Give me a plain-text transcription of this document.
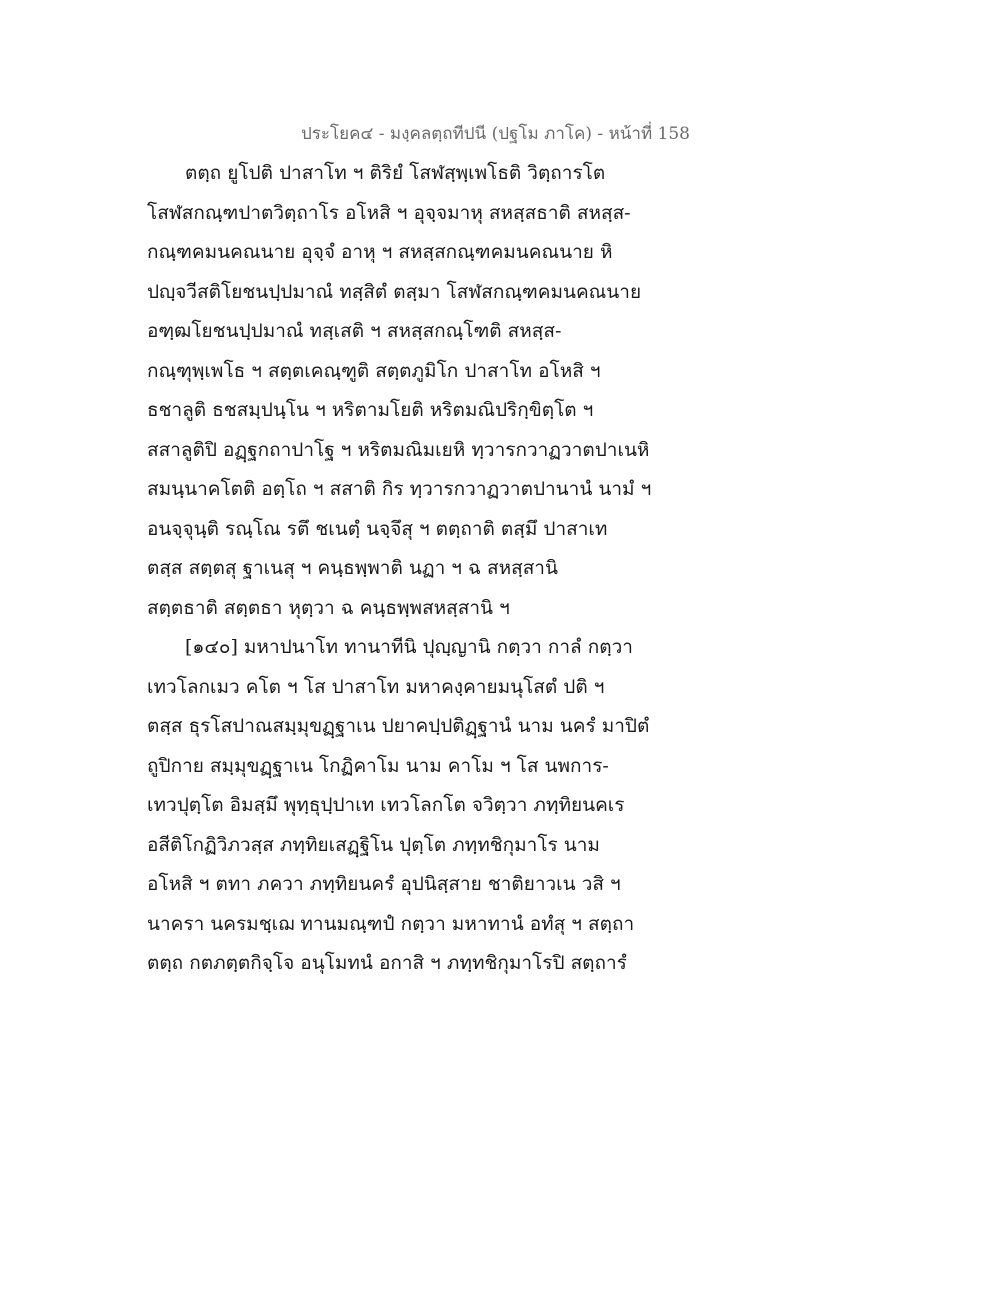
ประโยค๔ - มงฺคลตฺถทีปนี (ปฐโม ภาโค) - หน้าที่ 158
ตตฺถ ยูโปติ ปาสาโท ฯ ติริยํ โสฬสฺพฺเพโธติ วิตฺถารโต
โสฬสกณฺฑปาตวิตฺถาโร อโหสิ ฯ อุจฺจมาหุ สหสฺสธาติ สหสฺส-
กณฺฑคมนคณนาย อุจฺจํ อาหุ ฯ สหสฺสกณฺฑคมนคณนาย หิ
ปญฺจวีสติโยชนปฺปมาณํ ทสฺสิตํ ตสฺมา โสฬสกณฺฑคมนคณนาย
อฑฺฒโยชนปฺปมาณํ ทสฺเสติ ฯ สหสฺสกณฺโฑติ สหสฺส-
กณฺฑุพฺเพโธ ฯ สตฺตเคณฺฑูติ สตฺตภูมิโก ปาสาโท อโหสิ ฯ
ธชาลูติ ธชสมฺปนฺโน ฯ หริตามโยติ หริตมณิปริกฺขิตฺโต ฯ
สสาลูติปิ อฏฺฐกถาปาโฐ ฯ หริตมณิมเยหิ ทฺวารกวาฏวาตปาเนหิ
สมนฺนาคโตติ อตฺโถ ฯ สสาติ กิร ทฺวารกวาฏวาตปานานํ นามํ ฯ
อนจฺจุนฺติ รณฺโณ รตึ ชเนตฺํ นจฺจึสุ ฯ ตตฺถาติ ตสฺมึ ปาสาเท
ตสฺส สตฺตสุ ฐาเนสุ ฯ คนฺธพฺพาติ นฏา ฯ ฉ สหสฺสานิ
สตฺตธาติ สตฺตธา หุตฺวา ฉ คนฺธพฺพสหสฺสานิ ฯ
[๑๔๐] มหาปนาโท ทานาทีนิ ปุญฺญานิ กตฺวา กาลํ กตฺวา
เทวโลกเมว คโต ฯ โส ปาสาโท มหาคงฺคายมนุโสตํ ปติ ฯ
ตสฺส ธุรโสปาณสมฺมุขฏฺฐาเน ปยาคปฺปติฏฺฐานํ นาม นครํ มาปิตํ
ถูปิกาย สมฺมุขฏฺฐาเน โกฏิคาโม นาม คาโม ฯ โส นพการ-
เทวปุตฺโต อิมสฺมึ พุทฺธุปฺปาเท เทวโลกโต จวิตฺวา ภทฺทิยนคเร
อสีติโกฏิวิภวสฺส ภทฺทิยเสฏฺฐิโน ปุตฺโต ภทฺทชิกุมาโร นาม
อโหสิ ฯ ตทา ภควา ภทฺทิยนครํ อุปนิสฺสาย ชาติยาวเน วสิ ฯ
นาครา นครมชฺเฌ ทานมณฺฑปํ กตฺวา มหาทานํ อทํสุ ฯ สตฺถา
ตตฺถ กตภตฺตกิจฺโจ อนุโมทนํ อกาสิ ฯ ภทฺทชิกุมาโรปิ สตฺถารํ
